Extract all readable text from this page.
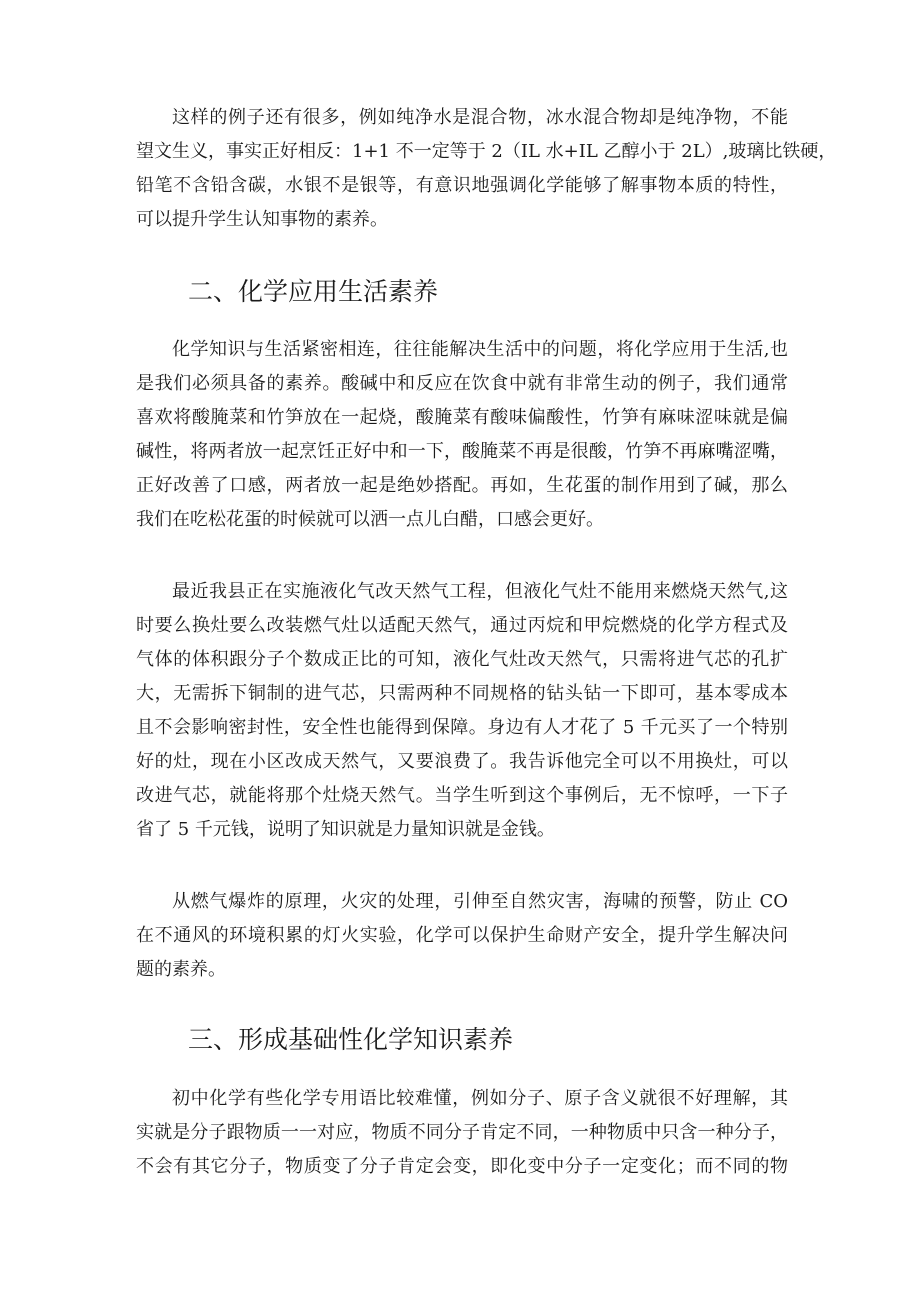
这样的例子还有很多，例如纯净水是混合物，冰水混合物却是纯净物，不能
望文生义，事实正好相反：1+1 不一定等于 2（IL 水+IL 乙醇小于 2L）,玻璃比铁硬，
铅笔不含铅含碳，水银不是银等，有意识地强调化学能够了解事物本质的特性，
可以提升学生认知事物的素养。
二、化学应用生活素养
化学知识与生活紧密相连，往往能解决生活中的问题，将化学应用于生活,也
是我们必须具备的素养。酸碱中和反应在饮食中就有非常生动的例子，我们通常
喜欢将酸腌菜和竹笋放在一起烧，酸腌菜有酸味偏酸性，竹笋有麻味涩味就是偏
碱性，将两者放一起烹饪正好中和一下，酸腌菜不再是很酸，竹笋不再麻嘴涩嘴，
正好改善了口感，两者放一起是绝妙搭配。再如，生花蛋的制作用到了碱，那么
我们在吃松花蛋的时候就可以洒一点儿白醋，口感会更好。
最近我县正在实施液化气改天然气工程，但液化气灶不能用来燃烧天然气,这
时要么换灶要么改装燃气灶以适配天然气，通过丙烷和甲烷燃烧的化学方程式及
气体的体积跟分子个数成正比的可知，液化气灶改天然气，只需将进气芯的孔扩
大，无需拆下铜制的进气芯，只需两种不同规格的钻头钻一下即可，基本零成本
且不会影响密封性，安全性也能得到保障。身边有人才花了 5 千元买了一个特别
好的灶，现在小区改成天然气，又要浪费了。我告诉他完全可以不用换灶，可以
改进气芯，就能将那个灶烧天然气。当学生听到这个事例后，无不惊呼，一下子
省了 5 千元钱，说明了知识就是力量知识就是金钱。
从燃气爆炸的原理，火灾的处理，引伸至自然灾害，海啸的预警，防止 CO
在不通风的环境积累的灯火实验，化学可以保护生命财产安全，提升学生解决问
题的素养。
三、形成基础性化学知识素养
初中化学有些化学专用语比较难懂，例如分子、原子含义就很不好理解，其
实就是分子跟物质一一对应，物质不同分子肯定不同，一种物质中只含一种分子，
不会有其它分子，物质变了分子肯定会变，即化变中分子一定变化；而不同的物
